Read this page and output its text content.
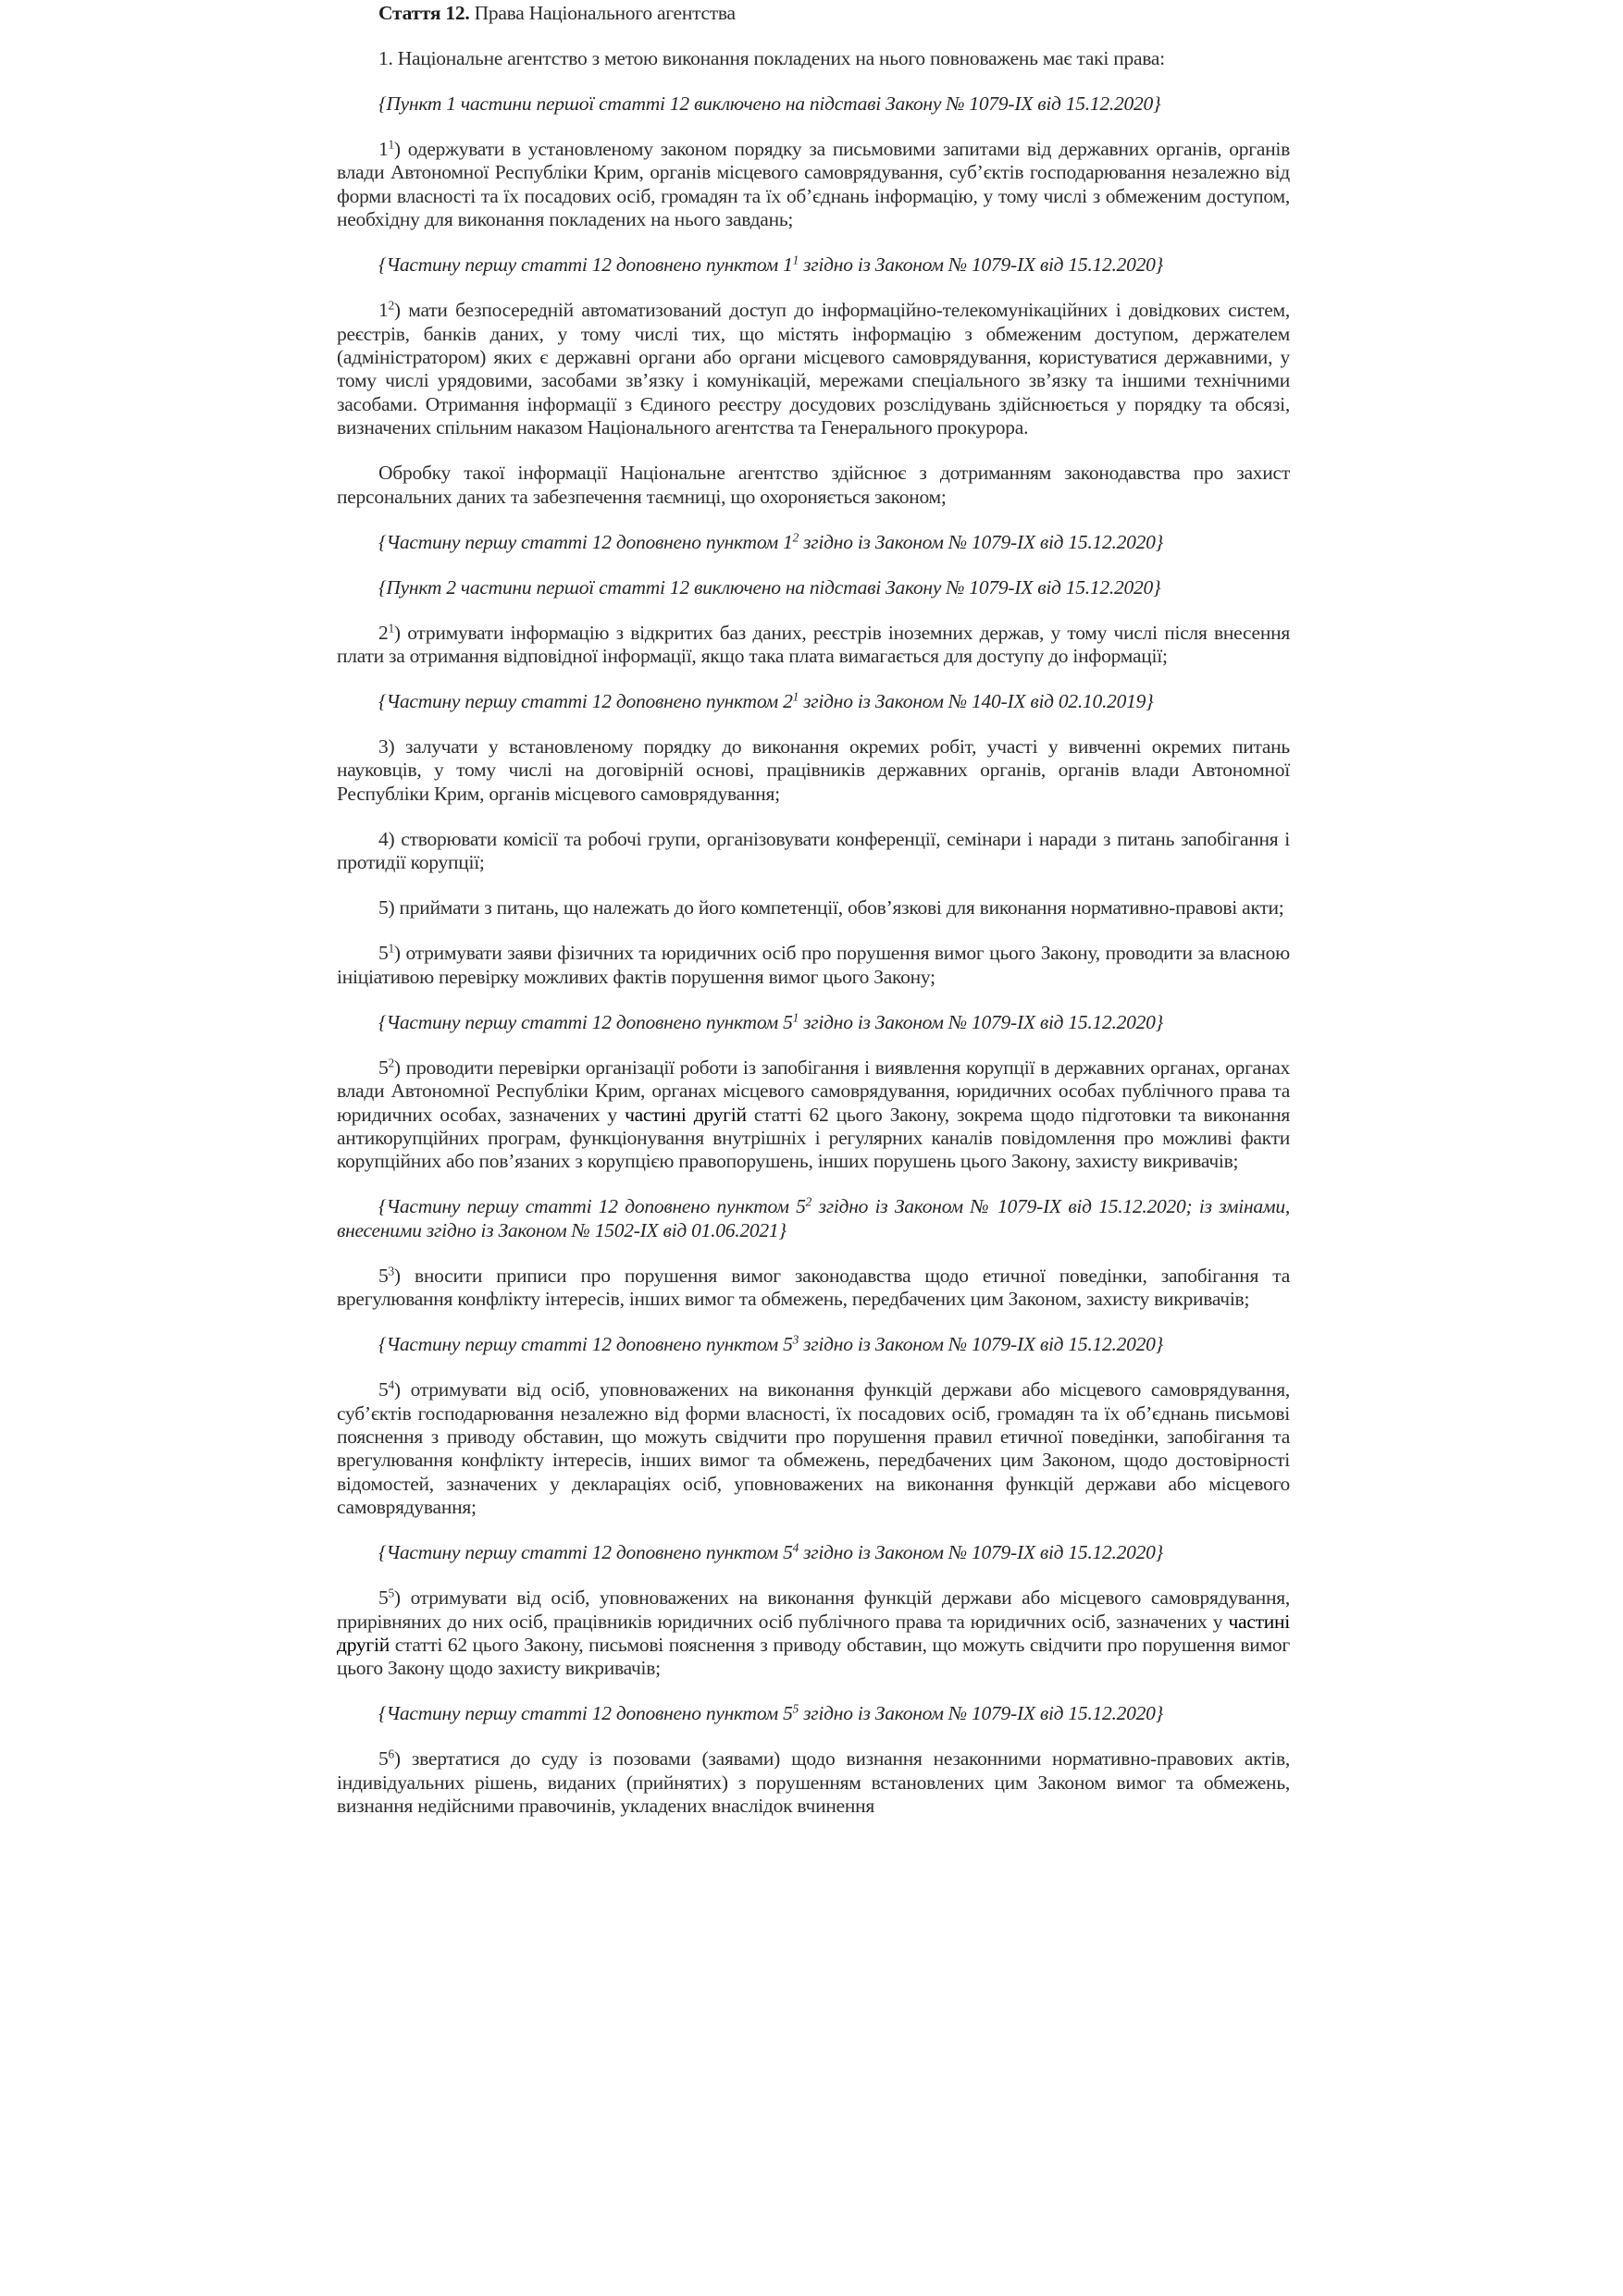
Стаття 12. Права Національного агентства

1. Національне агентство з метою виконання покладених на нього повноважень має такі права:

{Пункт 1 частини першої статті 12 виключено на підставі Закону № 1079-IX від 15.12.2020}

$1^1$) одержувати в установленому законом порядку за письмовими запитами від державних органів, органів влади Автономної Республіки Крим, органів місцевого самоврядування, суб’єктів господарювання незалежно від форми власності та їх посадових осіб, громадян та їх об’єднань інформацію, у тому числі з обмеженим доступом, необхідну для виконання покладених на нього завдань;

{Частину першу статті 12 доповнено пунктом $1^1$ згідно із Законом № 1079-IX від 15.12.2020}

$1^2$) мати безпосередній автоматизований доступ до інформаційно-телекомунікаційних і довідкових систем, реєстрів, банків даних, у тому числі тих, що містять інформацію з обмеженим доступом, держателем (адміністратором) яких є державні органи або органи місцевого самоврядування, користуватися державними, у тому числі урядовими, засобами зв’язку і комунікацій, мережами спеціального зв’язку та іншими технічними засобами. Отримання інформації з Єдиного реєстру досудових розслідувань здійснюється у порядку та обсязі, визначених спільним наказом Національного агентства та Генерального прокурора.

Обробку такої інформації Національне агентство здійснює з дотриманням законодавства про захист персональних даних та забезпечення таємниці, що охороняється законом;

{Частину першу статті 12 доповнено пунктом $1^2$ згідно із Законом № 1079-IX від 15.12.2020}

{Пункт 2 частини першої статті 12 виключено на підставі Закону № 1079-IX від 15.12.2020}

$2^1$) отримувати інформацію з відкритих баз даних, реєстрів іноземних держав, у тому числі після внесення плати за отримання відповідної інформації, якщо така плата вимагається для доступу до інформації;

{Частину першу статті 12 доповнено пунктом $2^1$ згідно із Законом № 140-IX від 02.10.2019}

3) залучати у встановленому порядку до виконання окремих робіт, участі у вивченні окремих питань науковців, у тому числі на договірній основі, працівників державних органів, органів влади Автономної Республіки Крим, органів місцевого самоврядування;

4) створювати комісії та робочі групи, організовувати конференції, семінари і наради з питань запобігання і протидії корупції;

5) приймати з питань, що належать до його компетенції, обов’язкові для виконання нормативно-правові акти;

$5^1$) отримувати заяви фізичних та юридичних осіб про порушення вимог цього Закону, проводити за власною ініціативою перевірку можливих фактів порушення вимог цього Закону;

{Частину першу статті 12 доповнено пунктом $5^1$ згідно із Законом № 1079-IX від 15.12.2020}

$5^2$) проводити перевірки організації роботи із запобігання і виявлення корупції в державних органах, органах влади Автономної Республіки Крим, органах місцевого самоврядування, юридичних особах публічного права та юридичних особах, зазначених у частині другій статті 62 цього Закону, зокрема щодо підготовки та виконання антикорупційних програм, функціонування внутрішніх і регулярних каналів повідомлення про можливі факти корупційних або пов’язаних з корупцією правопорушень, інших порушень цього Закону, захисту викривачів;

{Частину першу статті 12 доповнено пунктом $5^2$ згідно із Законом № 1079-IX від 15.12.2020; із змінами, внесеними згідно із Законом № 1502-IX від 01.06.2021}

$5^3$) вносити приписи про порушення вимог законодавства щодо етичної поведінки, запобігання та врегулювання конфлікту інтересів, інших вимог та обмежень, передбачених цим Законом, захисту викривачів;

{Частину першу статті 12 доповнено пунктом $5^3$ згідно із Законом № 1079-IX від 15.12.2020}

$5^4$) отримувати від осіб, уповноважених на виконання функцій держави або місцевого самоврядування, суб’єктів господарювання незалежно від форми власності, їх посадових осіб, громадян та їх об’єднань письмові пояснення з приводу обставин, що можуть свідчити про порушення правил етичної поведінки, запобігання та врегулювання конфлікту інтересів, інших вимог та обмежень, передбачених цим Законом, щодо достовірності відомостей, зазначених у деклараціях осіб, уповноважених на виконання функцій держави або місцевого самоврядування;

{Частину першу статті 12 доповнено пунктом $5^4$ згідно із Законом № 1079-IX від 15.12.2020}

$5^5$) отримувати від осіб, уповноважених на виконання функцій держави або місцевого самоврядування, прирівняних до них осіб, працівників юридичних осіб публічного права та юридичних осіб, зазначених у частині другій статті 62 цього Закону, письмові пояснення з приводу обставин, що можуть свідчити про порушення вимог цього Закону щодо захисту викривачів;

{Частину першу статті 12 доповнено пунктом $5^5$ згідно із Законом № 1079-IX від 15.12.2020}

$5^6$) звертатися до суду із позовами (заявами) щодо визнання незаконними нормативно-правових актів, індивідуальних рішень, виданих (прийнятих) з порушенням встановлених цим Законом вимог та обмежень, визнання недійсними правочинів, укладених внаслідок вчинення
